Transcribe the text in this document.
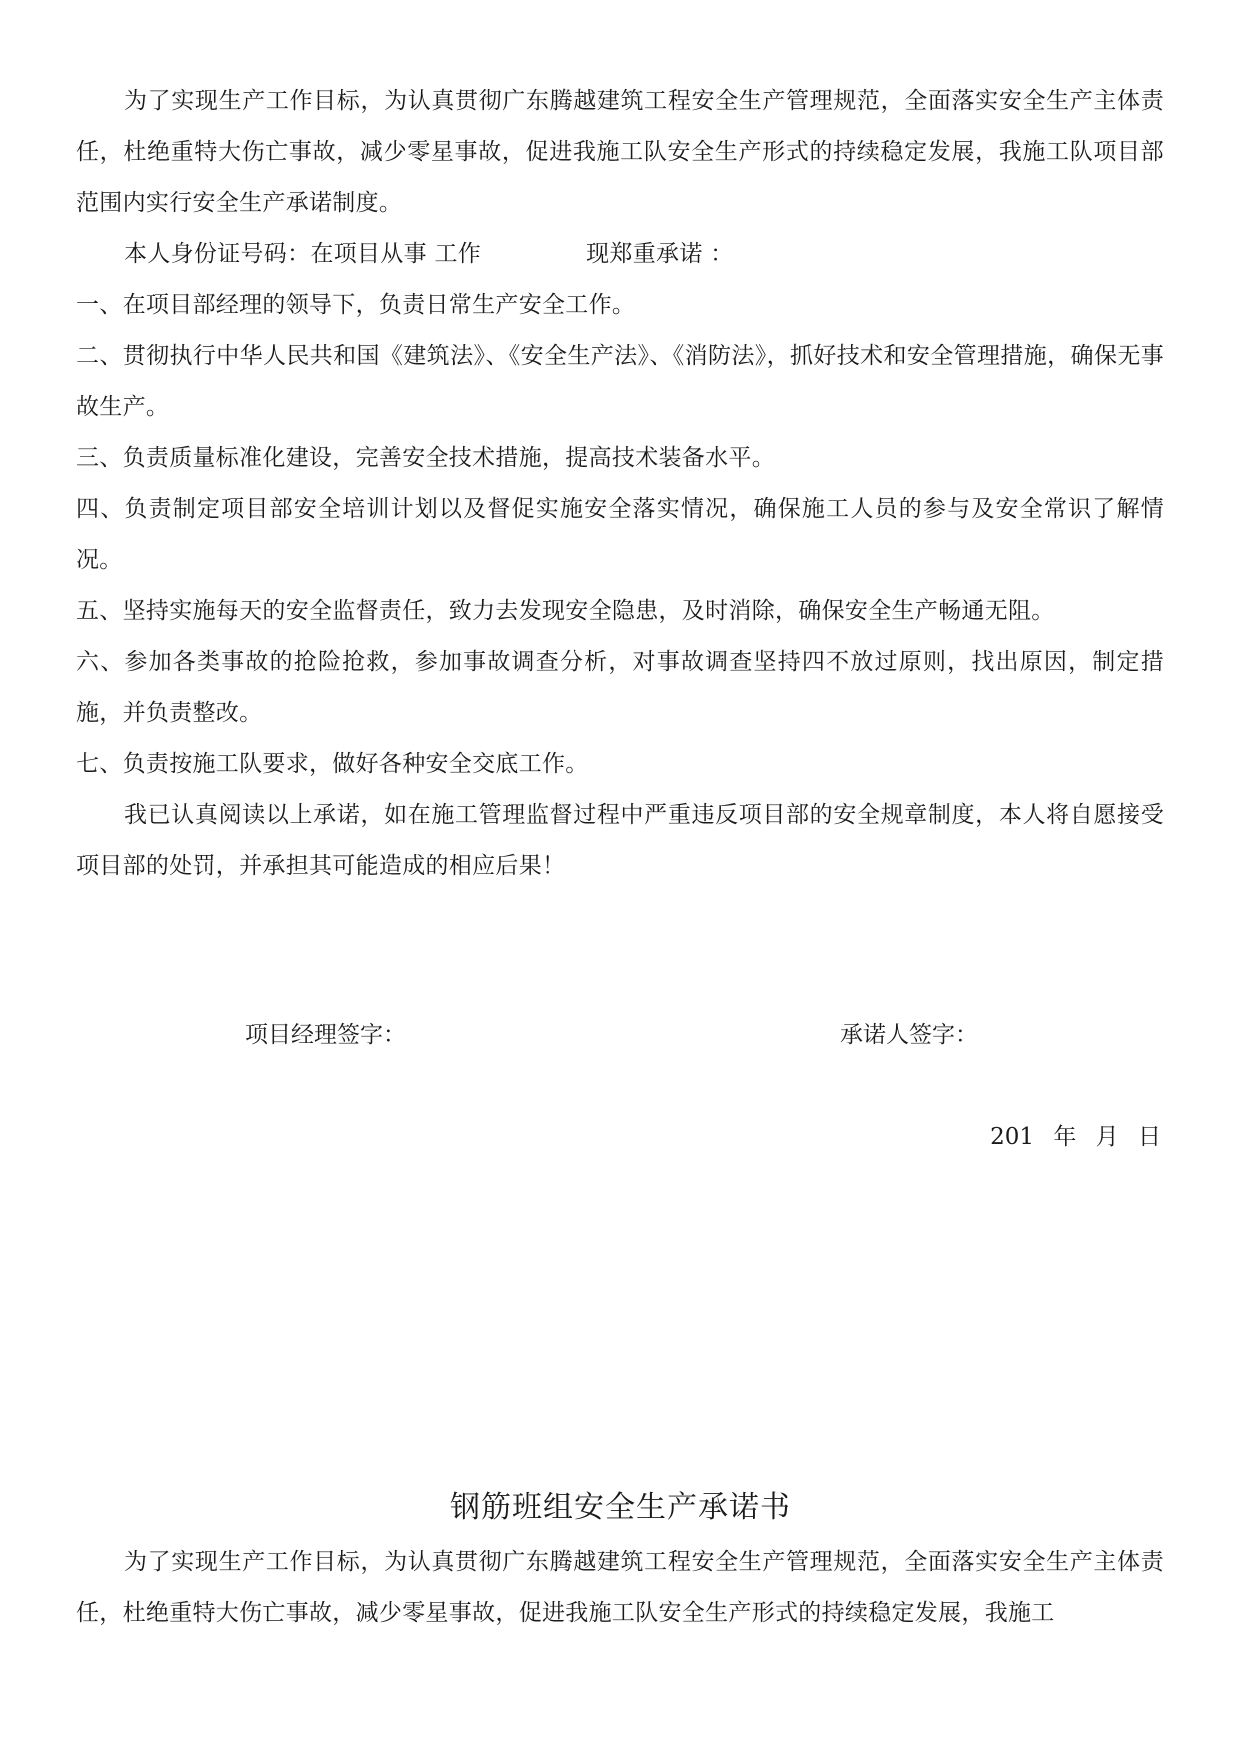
为了实现生产工作目标，为认真贯彻广东腾越建筑工程安全生产管理规范，全面落实安全生产主体责任，杜绝重特大伤亡事故，减少零星事故，促进我施工队安全生产形式的持续稳定发展，我施工队项目部范围内实行安全生产承诺制度。

本人身份证号码：在项目从事 工作	现郑重承诺 ：

一、在项目部经理的领导下，负责日常生产安全工作。

二、贯彻执行中华人民共和国《建筑法》、《安全生产法》、《消防法》，抓好技术和安全管理措施，确保无事故生产。

三、负责质量标准化建设，完善安全技术措施，提高技术装备水平。

四、负责制定项目部安全培训计划以及督促实施安全落实情况，确保施工人员的参与及安全常识了解情况。

五、坚持实施每天的安全监督责任，致力去发现安全隐患，及时消除，确保安全生产畅通无阻。

六、参加各类事故的抢险抢救，参加事故调查分析，对事故调查坚持四不放过原则，找出原因，制定措施，并负责整改。

七、负责按施工队要求，做好各种安全交底工作。

我已认真阅读以上承诺，如在施工管理监督过程中严重违反项目部的安全规章制度，本人将自愿接受项目部的处罚，并承担其可能造成的相应后果！

项目经理签字：	承诺人签字：
201 年 月 日
钢筋班组安全生产承诺书

为了实现生产工作目标，为认真贯彻广东腾越建筑工程安全生产管理规范，全面落实安全生产主体责任，杜绝重特大伤亡事故，减少零星事故，促进我施工队安全生产形式的持续稳定发展，我施工
